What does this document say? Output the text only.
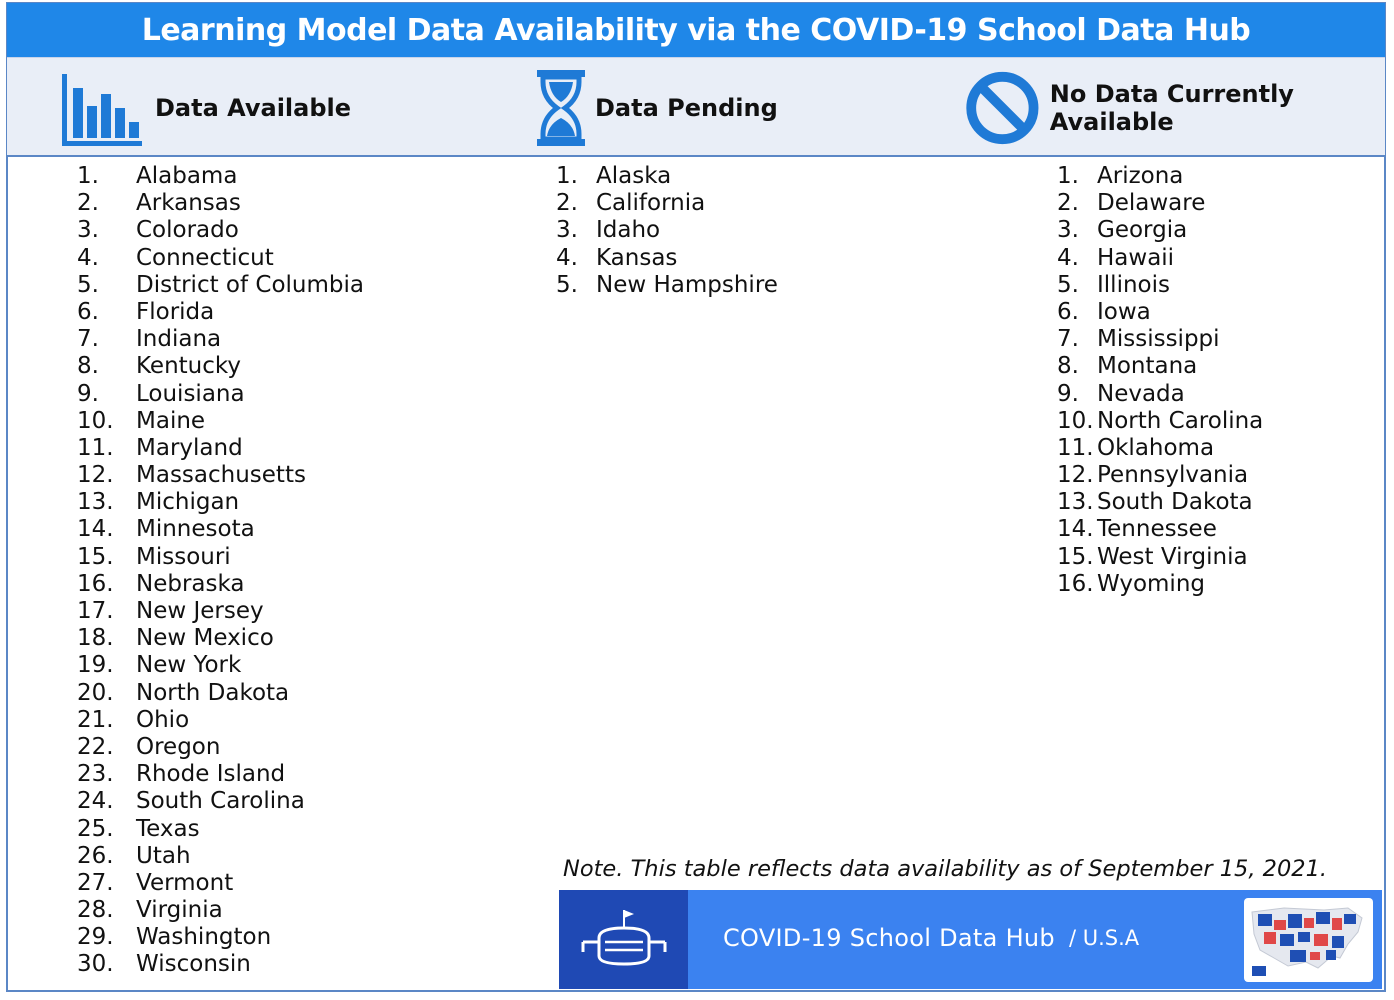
Learning Model Data Availability via the COVID-19 School Data Hub
Data Available	Data Pending	No Data Currently Available
1. Alabama
2. Arkansas
3. Colorado
4. Connecticut
5. District of Columbia
6. Florida
7. Indiana
8. Kentucky
9. Louisiana
10. Maine
11. Maryland
12. Massachusetts
13. Michigan
14. Minnesota
15. Missouri
16. Nebraska
17. New Jersey
18. New Mexico
19. New York
20. North Dakota
21. Ohio
22. Oregon
23. Rhode Island
24. South Carolina
25. Texas
26. Utah
27. Vermont
28. Virginia
29. Washington
30. Wisconsin
1. Alaska
2. California
3. Idaho
4. Kansas
5. New Hampshire
1. Arizona
2. Delaware
3. Georgia
4. Hawaii
5. Illinois
6. Iowa
7. Mississippi
8. Montana
9. Nevada
10. North Carolina
11. Oklahoma
12. Pennsylvania
13. South Dakota
14. Tennessee
15. West Virginia
16. Wyoming
Note. This table reflects data availability as of September 15, 2021.
COVID-19 School Data Hub / U.S.A
